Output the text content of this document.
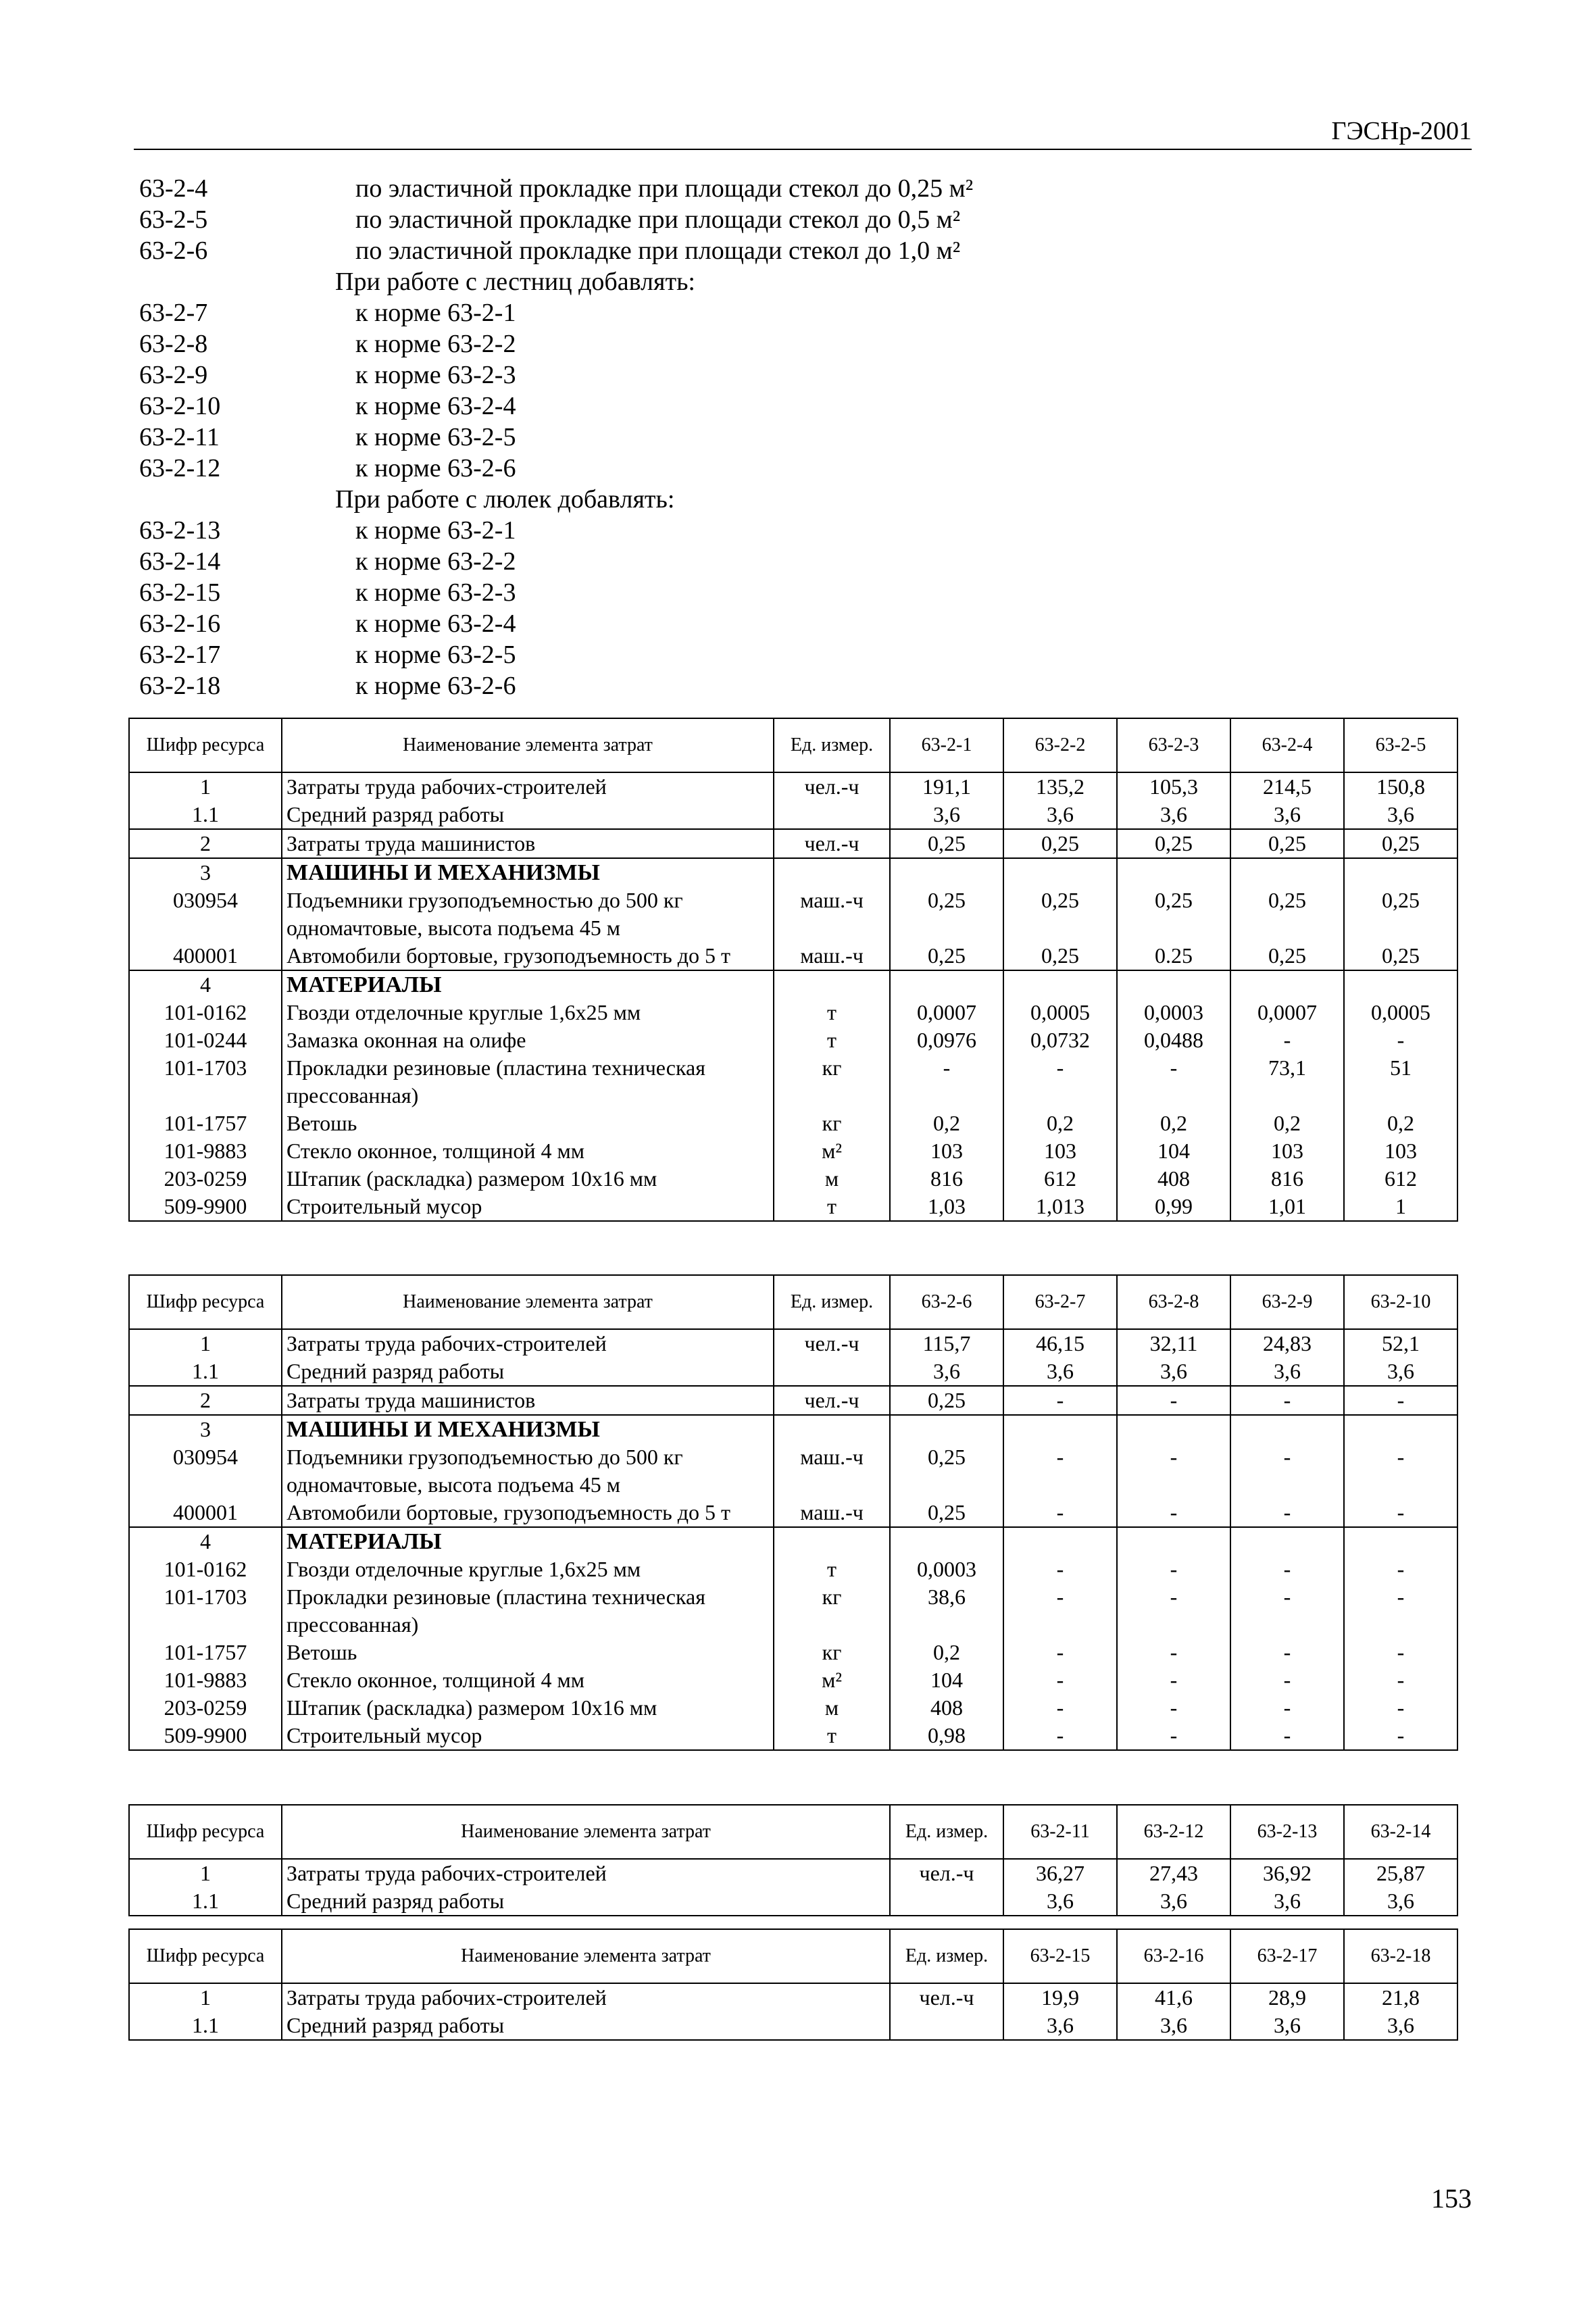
ГЭСНр-2001
63-2-4	по эластичной прокладке при площади стекол до 0,25 м²
63-2-5	по эластичной прокладке при площади стекол до 0,5 м²
63-2-6	по эластичной прокладке при площади стекол до 1,0 м²
При работе с лестниц добавлять:
63-2-7	к норме 63-2-1
63-2-8	к норме 63-2-2
63-2-9	к норме 63-2-3
63-2-10	к норме 63-2-4
63-2-11	к норме 63-2-5
63-2-12	к норме 63-2-6
При работе с люлек добавлять:
63-2-13	к норме 63-2-1
63-2-14	к норме 63-2-2
63-2-15	к норме 63-2-3
63-2-16	к норме 63-2-4
63-2-17	к норме 63-2-5
63-2-18	к норме 63-2-6
Шифр ресурса	Наименование элемента затрат	Ед. измер.	63-2-1	63-2-2	63-2-3	63-2-4	63-2-5
1	Затраты труда рабочих-строителей	чел.-ч	191,1	135,2	105,3	214,5	150,8
1.1	Средний разряд работы		3,6	3,6	3,6	3,6	3,6
2	Затраты труда машинистов	чел.-ч	0,25	0,25	0,25	0,25	0,25
3	МАШИНЫ И МЕХАНИЗМЫ						
030954	Подъемники грузоподъемностью до 500 кг одномачтовые, высота подъема 45 м	маш.-ч	0,25	0,25	0,25	0,25	0,25
400001	Автомобили бортовые, грузоподъемность до 5 т	маш.-ч	0,25	0,25	0.25	0,25	0,25
4	МАТЕРИАЛЫ						
101-0162	Гвозди отделочные круглые 1,6х25 мм	т	0,0007	0,0005	0,0003	0,0007	0,0005
101-0244	Замазка оконная на олифе	т	0,0976	0,0732	0,0488	-	-
101-1703	Прокладки резиновые (пластина техническая прессованная)	кг	-	-	-	73,1	51
101-1757	Ветошь	кг	0,2	0,2	0,2	0,2	0,2
101-9883	Стекло оконное, толщиной 4 мм	м²	103	103	104	103	103
203-0259	Штапик (раскладка) размером 10х16 мм	м	816	612	408	816	612
509-9900	Строительный мусор	т	1,03	1,013	0,99	1,01	1
Шифр ресурса	Наименование элемента затрат	Ед. измер.	63-2-6	63-2-7	63-2-8	63-2-9	63-2-10
1	Затраты труда рабочих-строителей	чел.-ч	115,7	46,15	32,11	24,83	52,1
1.1	Средний разряд работы		3,6	3,6	3,6	3,6	3,6
2	Затраты труда машинистов	чел.-ч	0,25	-	-	-	-
3	МАШИНЫ И МЕХАНИЗМЫ						
030954	Подъемники грузоподъемностью до 500 кг одномачтовые, высота подъема 45 м	маш.-ч	0,25	-	-	-	-
400001	Автомобили бортовые, грузоподъемность до 5 т	маш.-ч	0,25	-	-	-	-
4	МАТЕРИАЛЫ						
101-0162	Гвозди отделочные круглые 1,6х25 мм	т	0,0003	-	-	-	-
101-1703	Прокладки резиновые (пластина техническая прессованная)	кг	38,6	-	-	-	-
101-1757	Ветошь	кг	0,2	-	-	-	-
101-9883	Стекло оконное, толщиной 4 мм	м²	104	-	-	-	-
203-0259	Штапик (раскладка) размером 10х16 мм	м	408	-	-	-	-
509-9900	Строительный мусор	т	0,98	-	-	-	-
Шифр ресурса	Наименование элемента затрат	Ед. измер.	63-2-11	63-2-12	63-2-13	63-2-14
1	Затраты труда рабочих-строителей	чел.-ч	36,27	27,43	36,92	25,87
1.1	Средний разряд работы		3,6	3,6	3,6	3,6
Шифр ресурса	Наименование элемента затрат	Ед. измер.	63-2-15	63-2-16	63-2-17	63-2-18
1	Затраты труда рабочих-строителей	чел.-ч	19,9	41,6	28,9	21,8
1.1	Средний разряд работы		3,6	3,6	3,6	3,6
153
